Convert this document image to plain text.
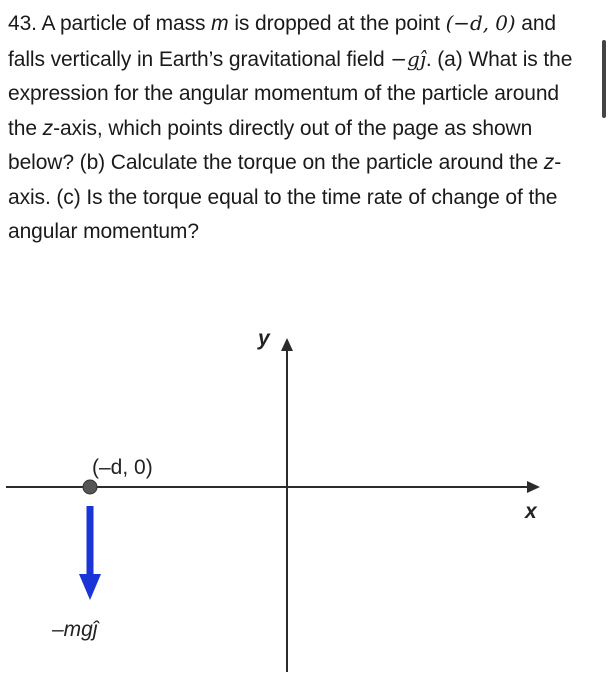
43. A particle of mass m is dropped at the point (−d, 0) and falls vertically in Earth’s gravitational field −gĵ. (a) What is the expression for the angular momentum of the particle around the z-axis, which points directly out of the page as shown below? (b) Calculate the torque on the particle around the z-axis. (c) Is the torque equal to the time rate of change of the angular momentum?

y
x
(–d, 0)
–mgĵ
